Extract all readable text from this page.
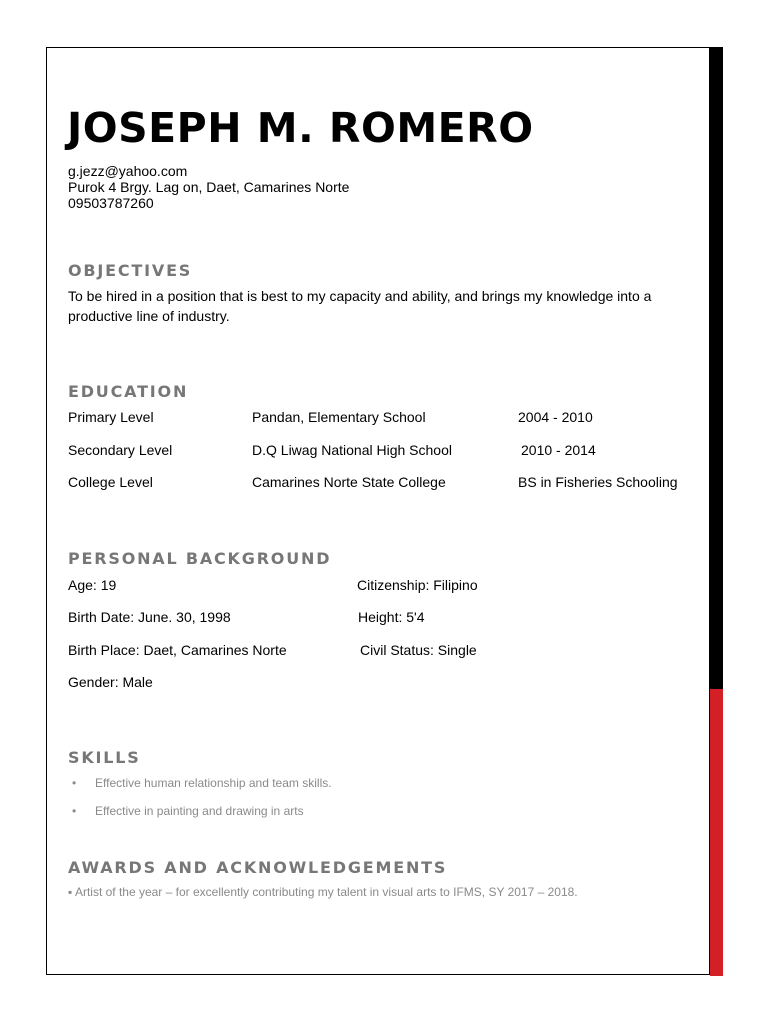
JOSEPH M. ROMERO
g.jezz@yahoo.com
Purok 4 Brgy. Lag on, Daet, Camarines Norte
09503787260
OBJECTIVES
To be hired in a position that is best to my capacity and ability, and brings my knowledge into a productive line of industry.
EDUCATION
Primary Level	Pandan, Elementary School	2004 - 2010
Secondary Level	D.Q Liwag National High School	2010 - 2014
College Level	Camarines Norte State College	BS in Fisheries Schooling
PERSONAL BACKGROUND
Age: 19	Citizenship: Filipino
Birth Date: June. 30, 1998	Height: 5'4
Birth Place: Daet, Camarines Norte	Civil Status: Single
Gender: Male
SKILLS
• Effective human relationship and team skills.
• Effective in painting and drawing in arts
AWARDS AND ACKNOWLEDGEMENTS
▪ Artist of the year – for excellently contributing my talent in visual arts to IFMS, SY 2017 – 2018.
